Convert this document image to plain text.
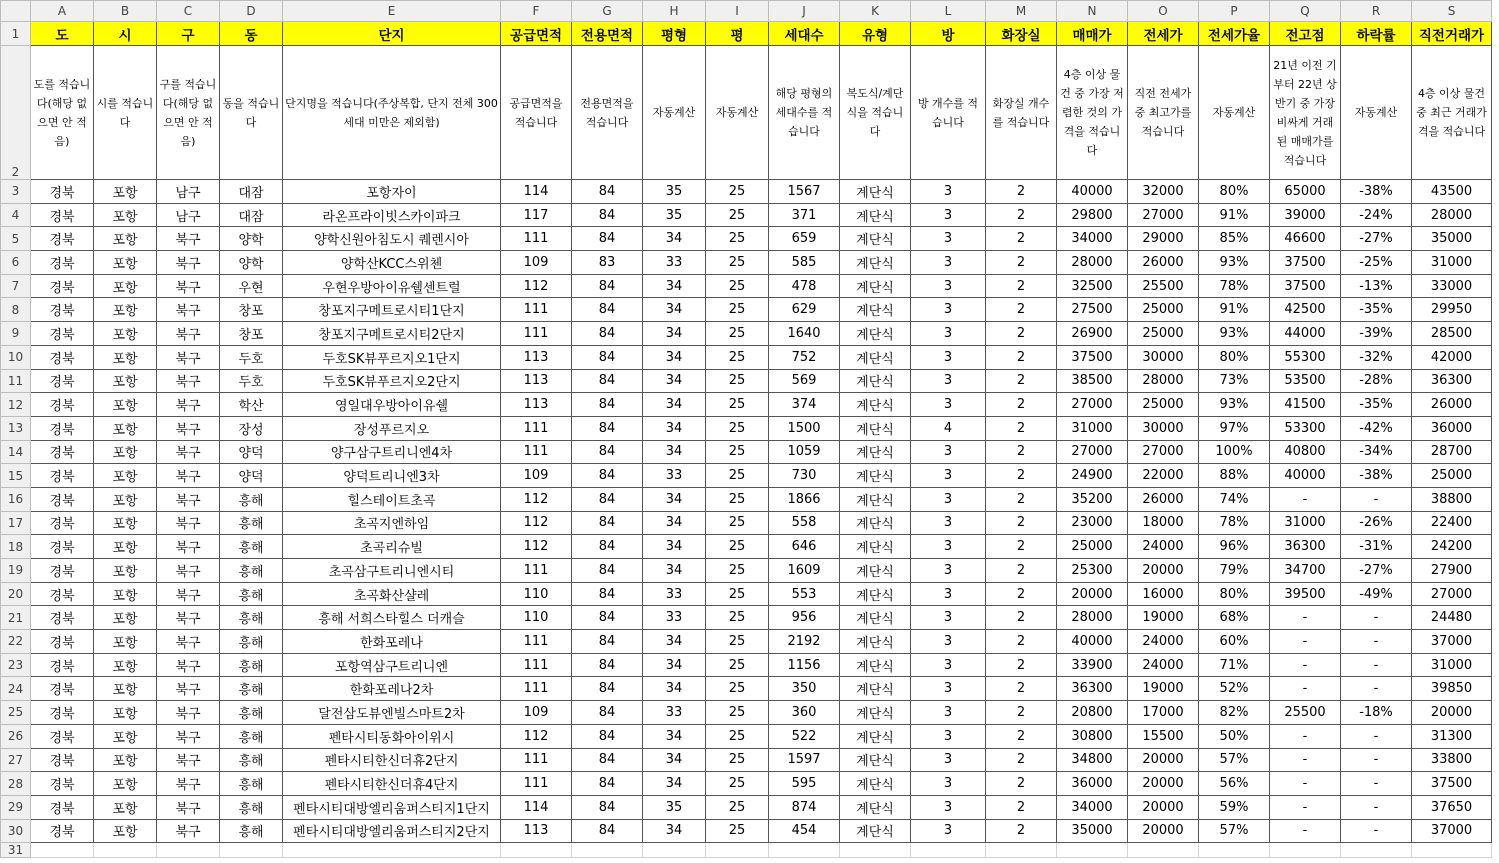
	A	B	C	D	E	F	G	H	I	J	K	L	M	N	O	P	Q	R	S
1	도	시	구	동	단지	공급면적	전용면적	평형	평	세대수	유형	방	화장실	매매가	전세가	전세가율	전고점	하락률	직전거래가
2	도를 적습니다(해당 없으면 안 적음)	시를 적습니다	구를 적습니다(해당 없으면 안 적음)	동을 적습니다	단지명을 적습니다(주상복합, 단지 전체 300세대 미만은 제외함)	공급면적을 적습니다	전용면적을 적습니다	자동계산	자동계산	해당 평형의 세대수를 적습니다	복도식/계단식을 적습니다	방 개수를 적습니다	화장실 개수를 적습니다	4층 이상 물건 중 가장 저렴한 것의 가격을 적습니다	직전 전세가 중 최고가를 적습니다	자동계산	21년 이전 기부터 22년 상반기 중 가장 비싸게 거래된 매매가를 적습니다	자동계산	4층 이상 물건 중 최근 거래가격을 적습니다
3	경북	포항	남구	대잠	포항자이	114	84	35	25	1567	계단식	3	2	40000	32000	80%	65000	-38%	43500
4	경북	포항	남구	대잠	라온프라이빗스카이파크	117	84	35	25	371	계단식	3	2	29800	27000	91%	39000	-24%	28000
5	경북	포항	북구	양학	양학신원아침도시 퀘렌시아	111	84	34	25	659	계단식	3	2	34000	29000	85%	46600	-27%	35000
6	경북	포항	북구	양학	양학산KCC스위첸	109	83	33	25	585	계단식	3	2	28000	26000	93%	37500	-25%	31000
7	경북	포항	북구	우현	우현우방아이유쉘센트럴	112	84	34	25	478	계단식	3	2	32500	25500	78%	37500	-13%	33000
8	경북	포항	북구	창포	창포지구메트로시티1단지	111	84	34	25	629	계단식	3	2	27500	25000	91%	42500	-35%	29950
9	경북	포항	북구	창포	창포지구메트로시티2단지	111	84	34	25	1640	계단식	3	2	26900	25000	93%	44000	-39%	28500
10	경북	포항	북구	두호	두호SK뷰푸르지오1단지	113	84	34	25	752	계단식	3	2	37500	30000	80%	55300	-32%	42000
11	경북	포항	북구	두호	두호SK뷰푸르지오2단지	113	84	34	25	569	계단식	3	2	38500	28000	73%	53500	-28%	36300
12	경북	포항	북구	학산	영일대우방아이유쉘	113	84	34	25	374	계단식	3	2	27000	25000	93%	41500	-35%	26000
13	경북	포항	북구	장성	장성푸르지오	111	84	34	25	1500	계단식	4	2	31000	30000	97%	53300	-42%	36000
14	경북	포항	북구	양덕	양구삼구트리니엔4차	111	84	34	25	1059	계단식	3	2	27000	27000	100%	40800	-34%	28700
15	경북	포항	북구	양덕	양덕트리니엔3차	109	84	33	25	730	계단식	3	2	24900	22000	88%	40000	-38%	25000
16	경북	포항	북구	흥해	힐스테이트초곡	112	84	34	25	1866	계단식	3	2	35200	26000	74%	-	-	38800
17	경북	포항	북구	흥해	초곡지엔하임	112	84	34	25	558	계단식	3	2	23000	18000	78%	31000	-26%	22400
18	경북	포항	북구	흥해	초곡리슈빌	112	84	34	25	646	계단식	3	2	25000	24000	96%	36300	-31%	24200
19	경북	포항	북구	흥해	초곡삼구트리니엔시티	111	84	34	25	1609	계단식	3	2	25300	20000	79%	34700	-27%	27900
20	경북	포항	북구	흥해	초곡화산샬레	110	84	33	25	553	계단식	3	2	20000	16000	80%	39500	-49%	27000
21	경북	포항	북구	흥해	흥해 서희스타힐스 더캐슬	110	84	33	25	956	계단식	3	2	28000	19000	68%	-	-	24480
22	경북	포항	북구	흥해	한화포레나	111	84	34	25	2192	계단식	3	2	40000	24000	60%	-	-	37000
23	경북	포항	북구	흥해	포항역삼구트리니엔	111	84	34	25	1156	계단식	3	2	33900	24000	71%	-	-	31000
24	경북	포항	북구	흥해	한화포레나2차	111	84	34	25	350	계단식	3	2	36300	19000	52%	-	-	39850
25	경북	포항	북구	흥해	달전삼도뷰엔빌스마트2차	109	84	33	25	360	계단식	3	2	20800	17000	82%	25500	-18%	20000
26	경북	포항	북구	흥해	펜타시티동화아이위시	112	84	34	25	522	계단식	3	2	30800	15500	50%	-	-	31300
27	경북	포항	북구	흥해	펜타시티한신더휴2단지	111	84	34	25	1597	계단식	3	2	34800	20000	57%	-	-	33800
28	경북	포항	북구	흥해	펜타시티한신더휴4단지	111	84	34	25	595	계단식	3	2	36000	20000	56%	-	-	37500
29	경북	포항	북구	흥해	펜타시티대방엘리움퍼스티지1단지	114	84	35	25	874	계단식	3	2	34000	20000	59%	-	-	37650
30	경북	포항	북구	흥해	펜타시티대방엘리움퍼스티지2단지	113	84	34	25	454	계단식	3	2	35000	20000	57%	-	-	37000
31																			
